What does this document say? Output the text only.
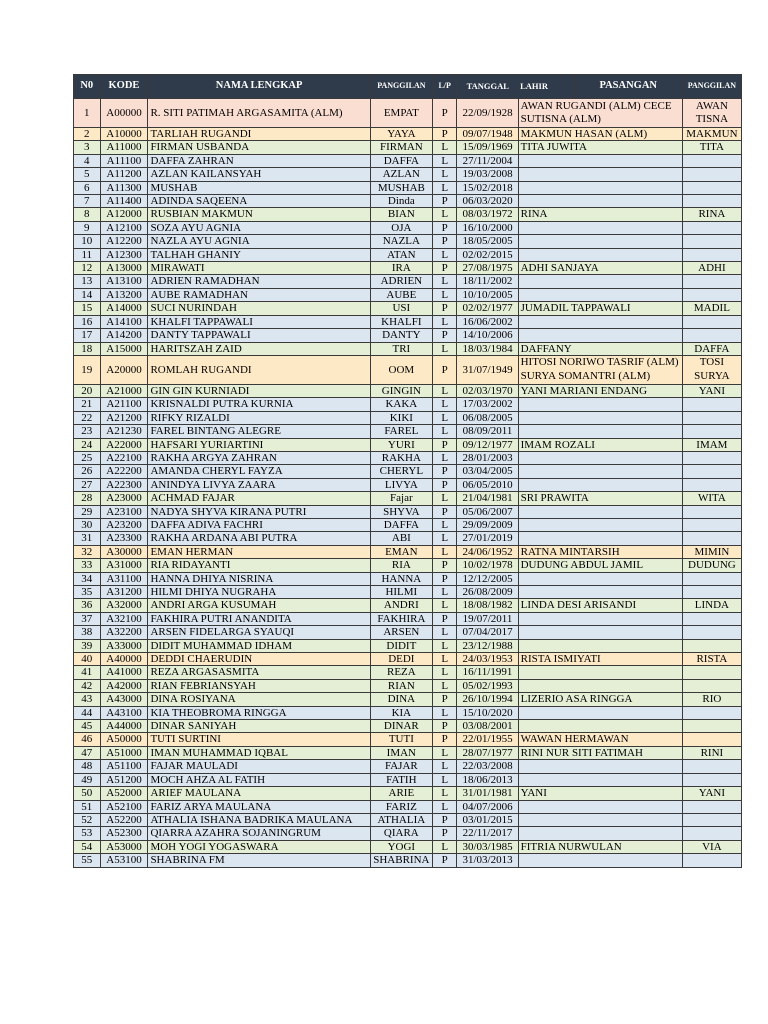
N0	KODE	NAMA LENGKAP	PANGGILAN	L/P	TANGGAL	LAHIR	PASANGAN	PANGGILAN
1	A00000	R. SITI PATIMAH ARGASAMITA (ALM)	EMPAT	P	22/09/1928	AWAN RUGANDI (ALM) CECE SUTISNA (ALM)		AWAN TISNA
2	A10000	TARLIAH RUGANDI	YAYA	P	09/07/1948	MAKMUN HASAN (ALM)		MAKMUN
3	A11000	FIRMAN USBANDA	FIRMAN	L	15/09/1969	TITA JUWITA		TITA
4	A11100	DAFFA ZAHRAN	DAFFA	L	27/11/2004			
5	A11200	AZLAN KAILANSYAH	AZLAN	L	19/03/2008			
6	A11300	MUSHAB	MUSHAB	L	15/02/2018			
7	A11400	ADINDA SAQEENA	Dinda	P	06/03/2020			
8	A12000	RUSBIAN MAKMUN	BIAN	L	08/03/1972	RINA		RINA
9	A12100	SOZA AYU AGNIA	OJA	P	16/10/2000			
10	A12200	NAZLA AYU AGNIA	NAZLA	P	18/05/2005			
11	A12300	TALHAH GHANIY	ATAN	L	02/02/2015			
12	A13000	MIRAWATI	IRA	P	27/08/1975	ADHI SANJAYA		ADHI
13	A13100	ADRIEN RAMADHAN	ADRIEN	L	18/11/2002			
14	A13200	AUBE RAMADHAN	AUBE	L	10/10/2005			
15	A14000	SUCI NURINDAH	USI	P	02/02/1977	JUMADIL TAPPAWALI		MADIL
16	A14100	KHALFI TAPPAWALI	KHALFI	L	16/06/2002			
17	A14200	DANTY TAPPAWALI	DANTY	P	14/10/2006			
18	A15000	HARITSZAH ZAID	TRI	L	18/03/1984	DAFFANY		DAFFA
19	A20000	ROMLAH RUGANDI	OOM	P	31/07/1949	HITOSI NORIWO TASRIF (ALM) SURYA SOMANTRI (ALM)		TOSI SURYA
20	A21000	GIN GIN KURNIADI	GINGIN	L	02/03/1970	YANI MARIANI ENDANG		YANI
21	A21100	KRISNALDI PUTRA KURNIA	KAKA	L	17/03/2002			
22	A21200	RIFKY RIZALDI	KIKI	L	06/08/2005			
23	A21230	FAREL BINTANG ALEGRE	FAREL	L	08/09/2011			
24	A22000	HAFSARI YURIARTINI	YURI	P	09/12/1977	IMAM ROZALI		IMAM
25	A22100	RAKHA ARGYA ZAHRAN	RAKHA	L	28/01/2003			
26	A22200	AMANDA CHERYL FAYZA	CHERYL	P	03/04/2005			
27	A22300	ANINDYA LIVYA ZAARA	LIVYA	P	06/05/2010			
28	A23000	ACHMAD FAJAR	Fajar	L	21/04/1981	SRI PRAWITA		WITA
29	A23100	NADYA SHYVA KIRANA PUTRI	SHYVA	P	05/06/2007			
30	A23200	DAFFA ADIVA FACHRI	DAFFA	L	29/09/2009			
31	A23300	RAKHA ARDANA ABI PUTRA	ABI	L	27/01/2019			
32	A30000	EMAN HERMAN	EMAN	L	24/06/1952	RATNA MINTARSIH		MIMIN
33	A31000	RIA RIDAYANTI	RIA	P	10/02/1978	DUDUNG ABDUL JAMIL		DUDUNG
34	A31100	HANNA DHIYA NISRINA	HANNA	P	12/12/2005			
35	A31200	HILMI DHIYA NUGRAHA	HILMI	L	26/08/2009			
36	A32000	ANDRI ARGA KUSUMAH	ANDRI	L	18/08/1982	LINDA DESI ARISANDI		LINDA
37	A32100	FAKHIRA PUTRI ANANDITA	FAKHIRA	P	19/07/2011			
38	A32200	ARSEN FIDELARGA SYAUQI	ARSEN	L	07/04/2017			
39	A33000	DIDIT MUHAMMAD IDHAM	DIDIT	L	23/12/1988			
40	A40000	DEDDI CHAERUDIN	DEDI	L	24/03/1953	RISTA ISMIYATI		RISTA
41	A41000	REZA ARGASASMITA	REZA	L	16/11/1991			
42	A42000	RIAN FEBRIANSYAH	RIAN	L	05/02/1993			
43	A43000	DINA ROSIYANA	DINA	P	26/10/1994	LIZERIO ASA RINGGA		RIO
44	A43100	KIA THEOBROMA RINGGA	KIA	L	15/10/2020			
45	A44000	DINAR SANIYAH	DINAR	P	03/08/2001			
46	A50000	TUTI SURTINI	TUTI	P	22/01/1955	WAWAN HERMAWAN		
47	A51000	IMAN MUHAMMAD IQBAL	IMAN	L	28/07/1977	RINI NUR SITI FATIMAH		RINI
48	A51100	FAJAR MAULADI	FAJAR	L	22/03/2008			
49	A51200	MOCH AHZA AL FATIH	FATIH	L	18/06/2013			
50	A52000	ARIEF MAULANA	ARIE	L	31/01/1981	YANI		YANI
51	A52100	FARIZ ARYA MAULANA	FARIZ	L	04/07/2006			
52	A52200	ATHALIA ISHANA BADRIKA MAULANA	ATHALIA	P	03/01/2015			
53	A52300	QIARRA AZAHRA SOJANINGRUM	QIARA	P	22/11/2017			
54	A53000	MOH YOGI YOGASWARA	YOGI	L	30/03/1985	FITRIA NURWULAN		VIA
55	A53100	SHABRINA FM	SHABRINA	P	31/03/2013			
